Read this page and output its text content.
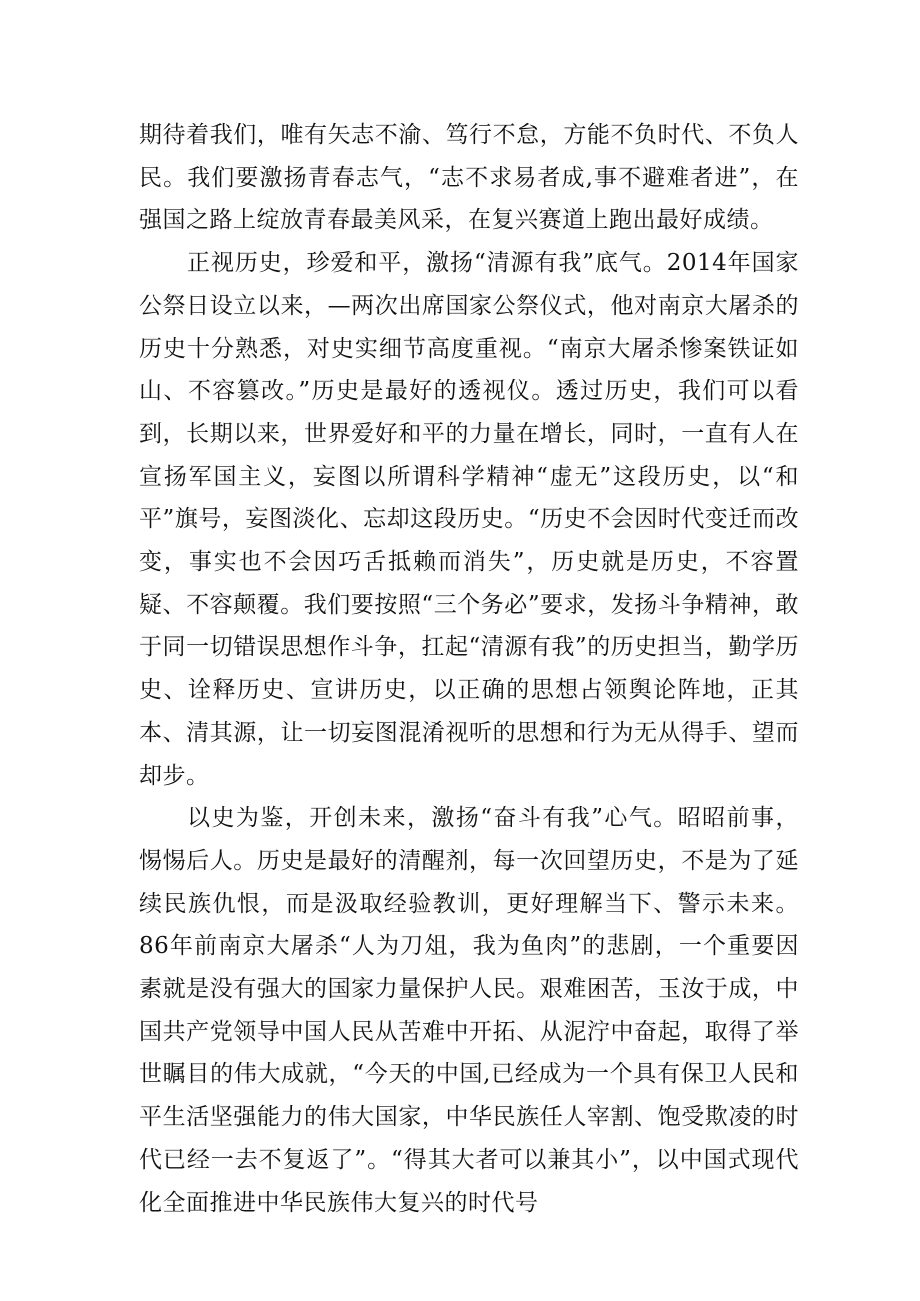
期待着我们，唯有矢志不渝、笃行不怠，方能不负时代、不负人民。我们要激扬青春志气，“志不求易者成,事不避难者进”，在强国之路上绽放青春最美风采，在复兴赛道上跑出最好成绩。

正视历史，珍爱和平，激扬“清源有我”底气。2014年国家公祭日设立以来，—两次出席国家公祭仪式，他对南京大屠杀的历史十分熟悉，对史实细节高度重视。“南京大屠杀惨案铁证如山、不容篡改。”历史是最好的透视仪。透过历史，我们可以看到，长期以来，世界爱好和平的力量在增长，同时，一直有人在宣扬军国主义，妄图以所谓科学精神“虚无”这段历史，以“和平”旗号，妄图淡化、忘却这段历史。“历史不会因时代变迁而改变，事实也不会因巧舌抵赖而消失”，历史就是历史，不容置疑、不容颠覆。我们要按照“三个务必”要求，发扬斗争精神，敢于同一切错误思想作斗争，扛起“清源有我”的历史担当，勤学历史、诠释历史、宣讲历史，以正确的思想占领舆论阵地，正其本、清其源，让一切妄图混淆视听的思想和行为无从得手、望而却步。

以史为鉴，开创未来，激扬“奋斗有我”心气。昭昭前事，惕惕后人。历史是最好的清醒剂，每一次回望历史，不是为了延续民族仇恨，而是汲取经验教训，更好理解当下、警示未来。86年前南京大屠杀“人为刀俎，我为鱼肉”的悲剧，一个重要因素就是没有强大的国家力量保护人民。艰难困苦，玉汝于成，中国共产党领导中国人民从苦难中开拓、从泥泞中奋起，取得了举世瞩目的伟大成就，“今天的中国,已经成为一个具有保卫人民和平生活坚强能力的伟大国家，中华民族任人宰割、饱受欺凌的时代已经一去不复返了”。“得其大者可以兼其小”，以中国式现代化全面推进中华民族伟大复兴的时代号
